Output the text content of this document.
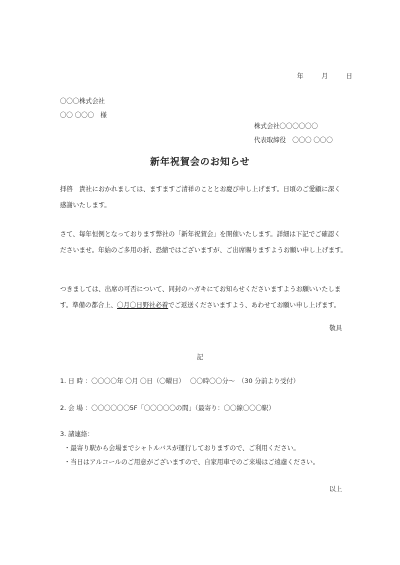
年	月	日
〇〇〇株式会社
〇〇 〇〇〇　様
株式会社〇〇〇〇〇〇
代表取締役　〇〇〇 〇〇〇
新年祝賀会のお知らせ

拝啓　貴社におかれましては、ますますご清祥のこととお慶び申し上げます。日頃のご愛顧に深く

感謝いたします。

さて、毎年恒例となっております弊社の「新年祝賀会」を開催いたします。詳細は下記でご確認く

ださいませ。年始のご多用の折、恐縮ではございますが、ご出席賜りますようお願い申し上げます。

つきましては、出席の可否について、同封のハガキにてお知らせくださいますようお願いいたしま

す。準備の都合上、〇月〇日野社必着でご返送くださいますよう、あわせてお願い申し上げます。

敬具
記
1. 日 時 ：〇〇〇〇年 〇月 〇日（〇曜日）　 〇〇時〇〇分～　（30 分前より受付）
2. 会 場 ：〇〇〇〇〇〇5F「〇〇〇〇〇の間」（最寄り：〇〇線〇〇〇駅）
3. 諸連絡：
・最寄り駅から会場までシャトルバスが運行しておりますので、ご利用ください。
・当日はアルコールのご用意がございますので、自家用車でのご来場はご遠慮ください。
以上
